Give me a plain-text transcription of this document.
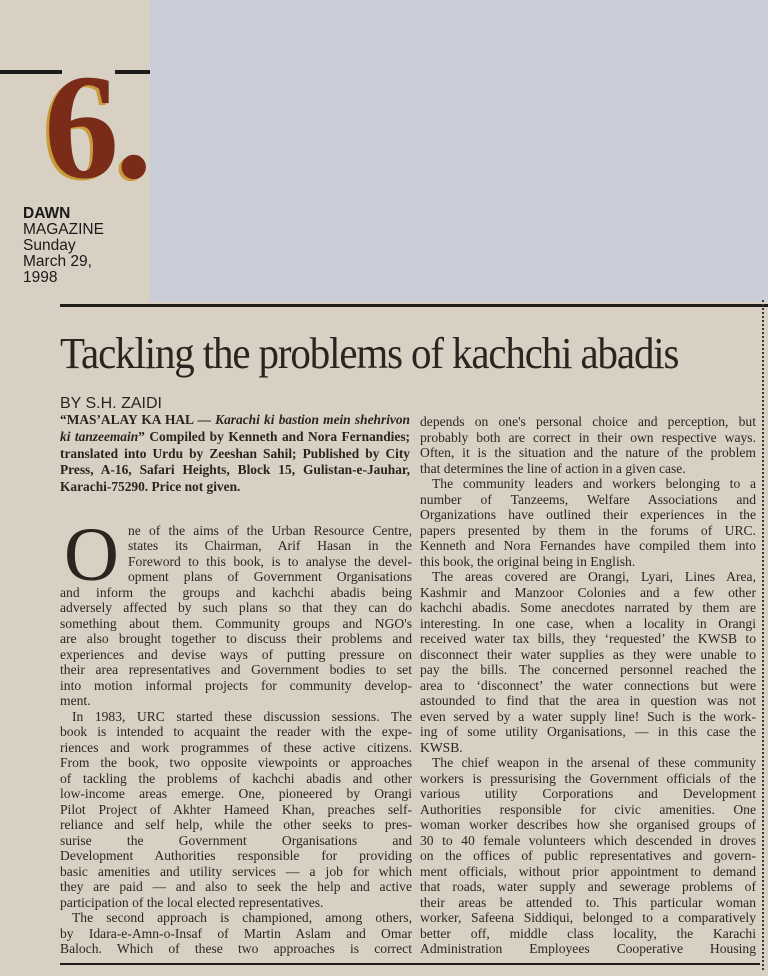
6.
DAWN
MAGAZINE
Sunday
March 29,
1998
Tackling the problems of kachchi abadis
BY S.H. ZAIDI
“MAS’ALAY KA HAL — Karachi ki bastion mein shehrivon ki tanzeemain” Compiled by Kenneth and Nora Fernandies; translated into Urdu by Zeeshan Sahil; Published by City Press, A-16, Safari Heights, Block 15, Gulistan-e-Jauhar, Karachi-75290. Price not given.
O ne of the aims of the Urban Resource Centre,
states its Chairman, Arif Hasan in the
Foreword to this book, is to analyse the devel-
opment plans of Government Organisations
and inform the groups and kachchi abadis being
adversely affected by such plans so that they can do
something about them. Community groups and NGO's
are also brought together to discuss their problems and
experiences and devise ways of putting pressure on
their area representatives and Government bodies to set
into motion informal projects for community develop-
ment.
In 1983, URC started these discussion sessions. The
book is intended to acquaint the reader with the expe-
riences and work programmes of these active citizens.
From the book, two opposite viewpoints or approaches
of tackling the problems of kachchi abadis and other
low-income areas emerge. One, pioneered by Orangi
Pilot Project of Akhter Hameed Khan, preaches self-
reliance and self help, while the other seeks to pres-
surise the Government Organisations and
Development Authorities responsible for providing
basic amenities and utility services — a job for which
they are paid — and also to seek the help and active
participation of the local elected representatives.
The second approach is championed, among others,
by Idara-e-Amn-o-Insaf of Martin Aslam and Omar
Baloch. Which of these two approaches is correct
depends on one's personal choice and perception, but
probably both are correct in their own respective ways.
Often, it is the situation and the nature of the problem
that determines the line of action in a given case.
The community leaders and workers belonging to a
number of Tanzeems, Welfare Associations and
Organizations have outlined their experiences in the
papers presented by them in the forums of URC.
Kenneth and Nora Fernandes have compiled them into
this book, the original being in English.
The areas covered are Orangi, Lyari, Lines Area,
Kashmir and Manzoor Colonies and a few other
kachchi abadis. Some anecdotes narrated by them are
interesting. In one case, when a locality in Orangi
received water tax bills, they ‘requested’ the KWSB to
disconnect their water supplies as they were unable to
pay the bills. The concerned personnel reached the
area to ‘disconnect’ the water connections but were
astounded to find that the area in question was not
even served by a water supply line! Such is the work-
ing of some utility Organisations, — in this case the
KWSB.
The chief weapon in the arsenal of these community
workers is pressurising the Government officials of the
various utility Corporations and Development
Authorities responsible for civic amenities. One
woman worker describes how she organised groups of
30 to 40 female volunteers which descended in droves
on the offices of public representatives and govern-
ment officials, without prior appointment to demand
that roads, water supply and sewerage problems of
their areas be attended to. This particular woman
worker, Safeena Siddiqui, belonged to a comparatively
better off, middle class locality, the Karachi
Administration Employees Cooperative Housing
